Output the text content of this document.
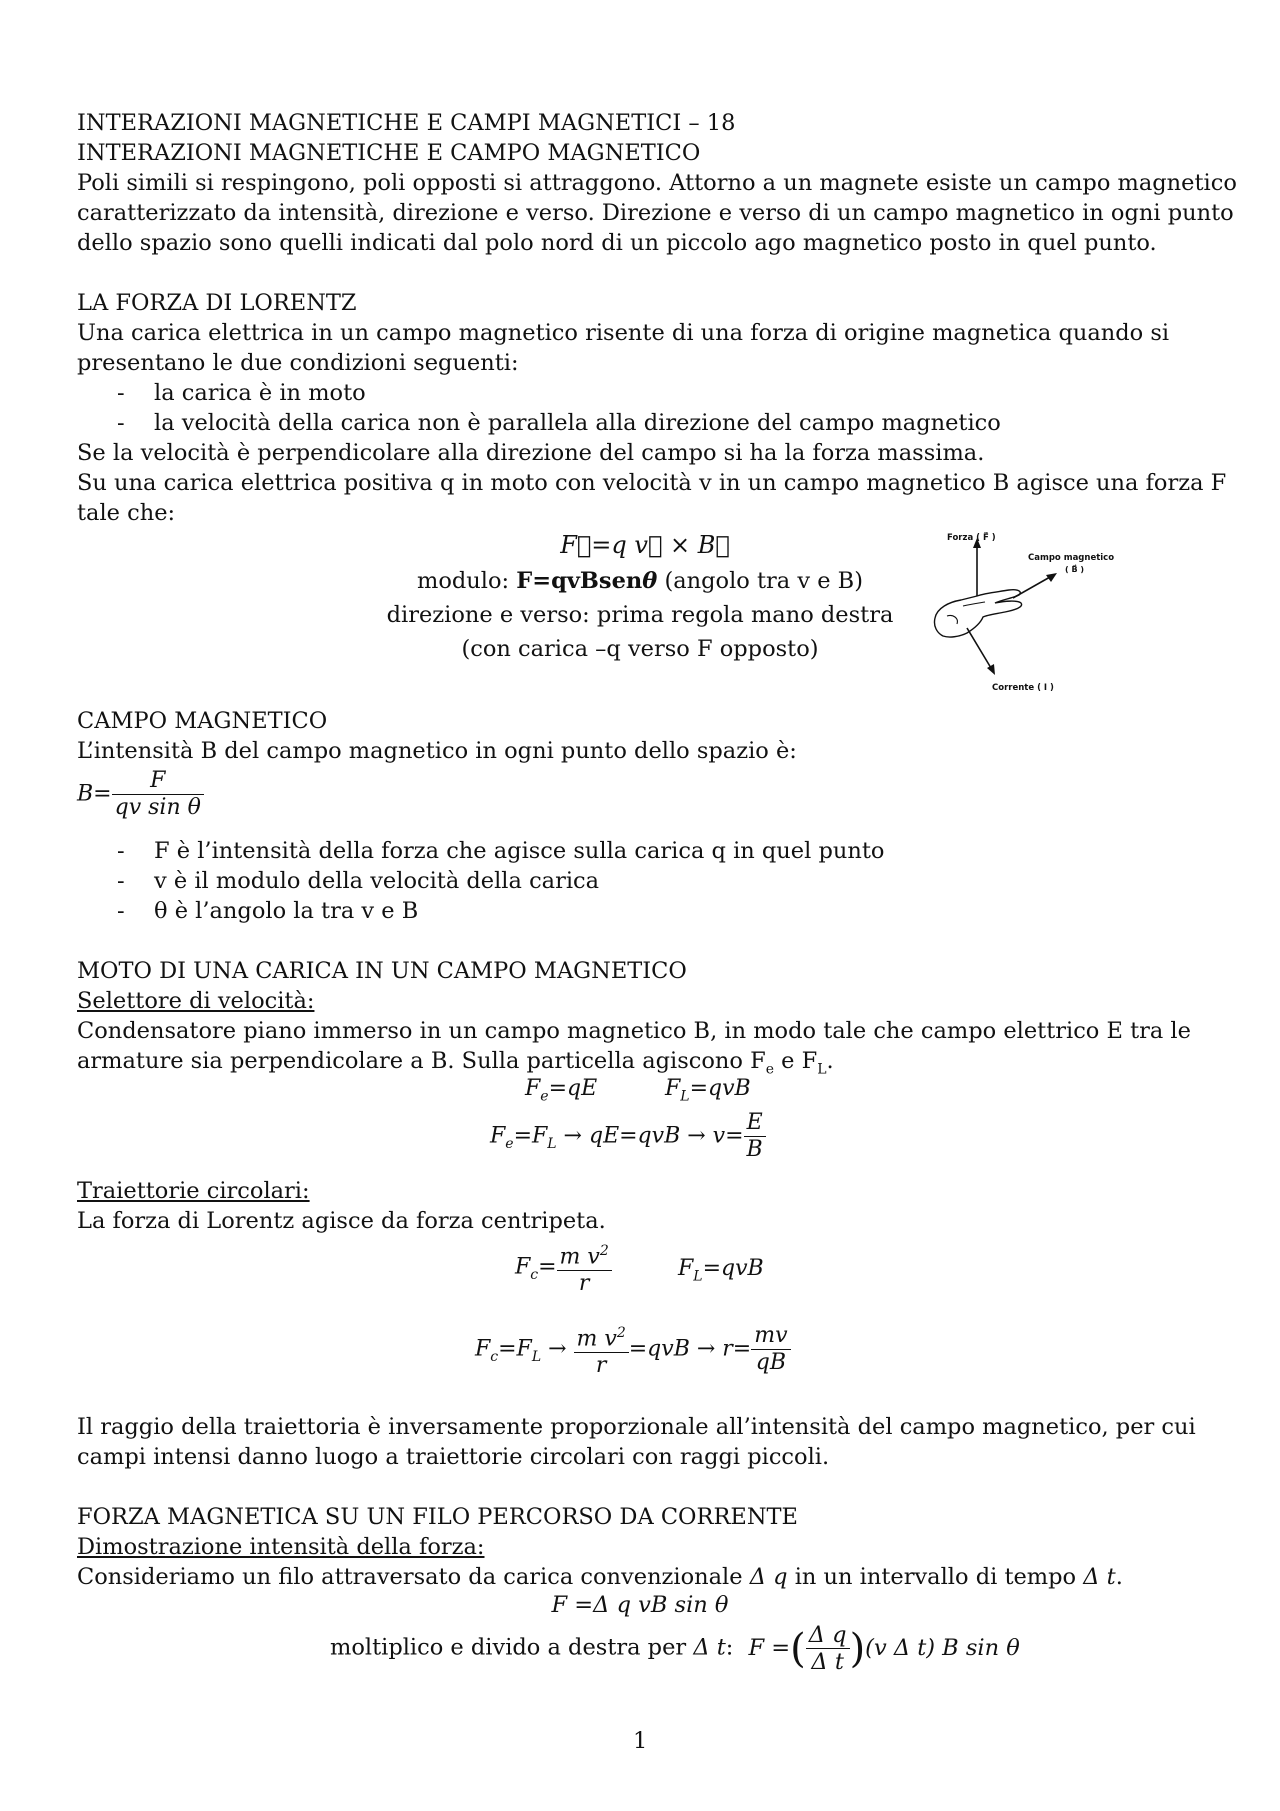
INTERAZIONI MAGNETICHE E CAMPI MAGNETICI – 18
INTERAZIONI MAGNETICHE E CAMPO MAGNETICO
Poli simili si respingono, poli opposti si attraggono. Attorno a un magnete esiste un campo magnetico
caratterizzato da intensità, direzione e verso. Direzione e verso di un campo magnetico in ogni punto
dello spazio sono quelli indicati dal polo nord di un piccolo ago magnetico posto in quel punto.
LA FORZA DI LORENTZ
Una carica elettrica in un campo magnetico risente di una forza di origine magnetica quando si
presentano le due condizioni seguenti:
- la carica è in moto
- la velocità della carica non è parallela alla direzione del campo magnetico
Se la velocità è perpendicolare alla direzione del campo si ha la forza massima.
Su una carica elettrica positiva q in moto con velocità v in un campo magnetico B agisce una forza F
tale che:
F⃗=q v⃗ × B⃗
modulo: F=qvBsenθ (angolo tra v e B)
direzione e verso: prima regola mano destra
(con carica –q verso F opposto)
Forza ( F⃗ )
Campo magnetico
( B⃗ )
Corrente ( I )
CAMPO MAGNETICO
L’intensità B del campo magnetico in ogni punto dello spazio è:
$B= \frac{F}{\text{qv sin θ}}$
- F è l’intensità della forza che agisce sulla carica q in quel punto
- v è il modulo della velocità della carica
- θ è l’angolo la tra v e B
MOTO DI UNA CARICA IN UN CAMPO MAGNETICO
Selettore di velocità:
Condensatore piano immerso in un campo magnetico B, in modo tale che campo elettrico E tra le
armature sia perpendicolare a B. Sulla particella agiscono $F_e$ e $F_L$.
$F_e=qE$	$F_L=qvB$
$F_e=F_L \to qE=qvB \to v= \frac{E}{B}$
Traiettorie circolari:
La forza di Lorentz agisce da forza centripeta.
$F_c= \frac{m v^2}{r}$	$F_L=qvB$
$F_c=F_L \to \frac{m v^2}{r} =qvB \to r= \frac{mv}{qB}$
Il raggio della traiettoria è inversamente proporzionale all’intensità del campo magnetico, per cui
campi intensi danno luogo a traiettorie circolari con raggi piccoli.
FORZA MAGNETICA SU UN FILO PERCORSO DA CORRENTE
Dimostrazione intensità della forza:
Consideriamo un filo attraversato da carica convenzionale Δ q in un intervallo di tempo Δ t.
F =Δ q vB sin θ
moltiplico e divido a destra per Δ t: F =( $\frac{\text{Δ q}}{\text{Δ t}} )(v$ Δ t) B sin θ
1
